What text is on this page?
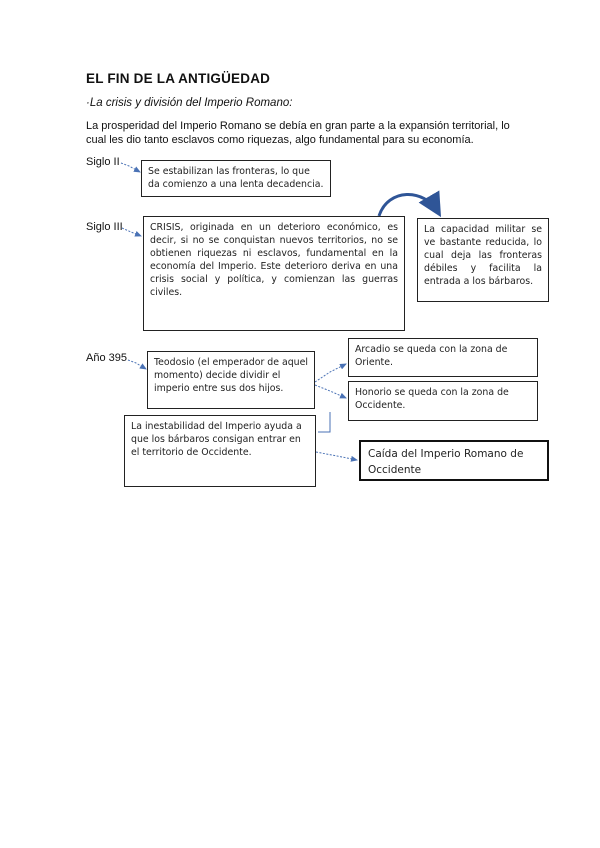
EL FIN DE LA ANTIGÜEDAD
·La crisis y división del Imperio Romano:
La prosperidad del Imperio Romano se debía en gran parte a la expansión territorial, lo cual les dio tanto esclavos como riquezas, algo fundamental para su economía.
Siglo II
Siglo III
Año 395
Se estabilizan las fronteras, lo que da comienzo a una lenta decadencia.
CRISIS, originada en un deterioro económico, es decir, si no se conquistan nuevos territorios, no se obtienen riquezas ni esclavos, fundamental en la economía del Imperio. Este deterioro deriva en una crisis social y política, y comienzan las guerras civiles.
La capacidad militar se ve bastante reducida, lo cual deja las fronteras débiles y facilita la entrada a los bárbaros.
Teodosio (el emperador de aquel momento) decide dividir el imperio entre sus dos hijos.
Arcadio se queda con la zona de Oriente.
Honorio se queda con la zona de Occidente.
La inestabilidad del Imperio ayuda a que los bárbaros consigan entrar en el territorio de Occidente.	Caída del Imperio Romano de Occidente
